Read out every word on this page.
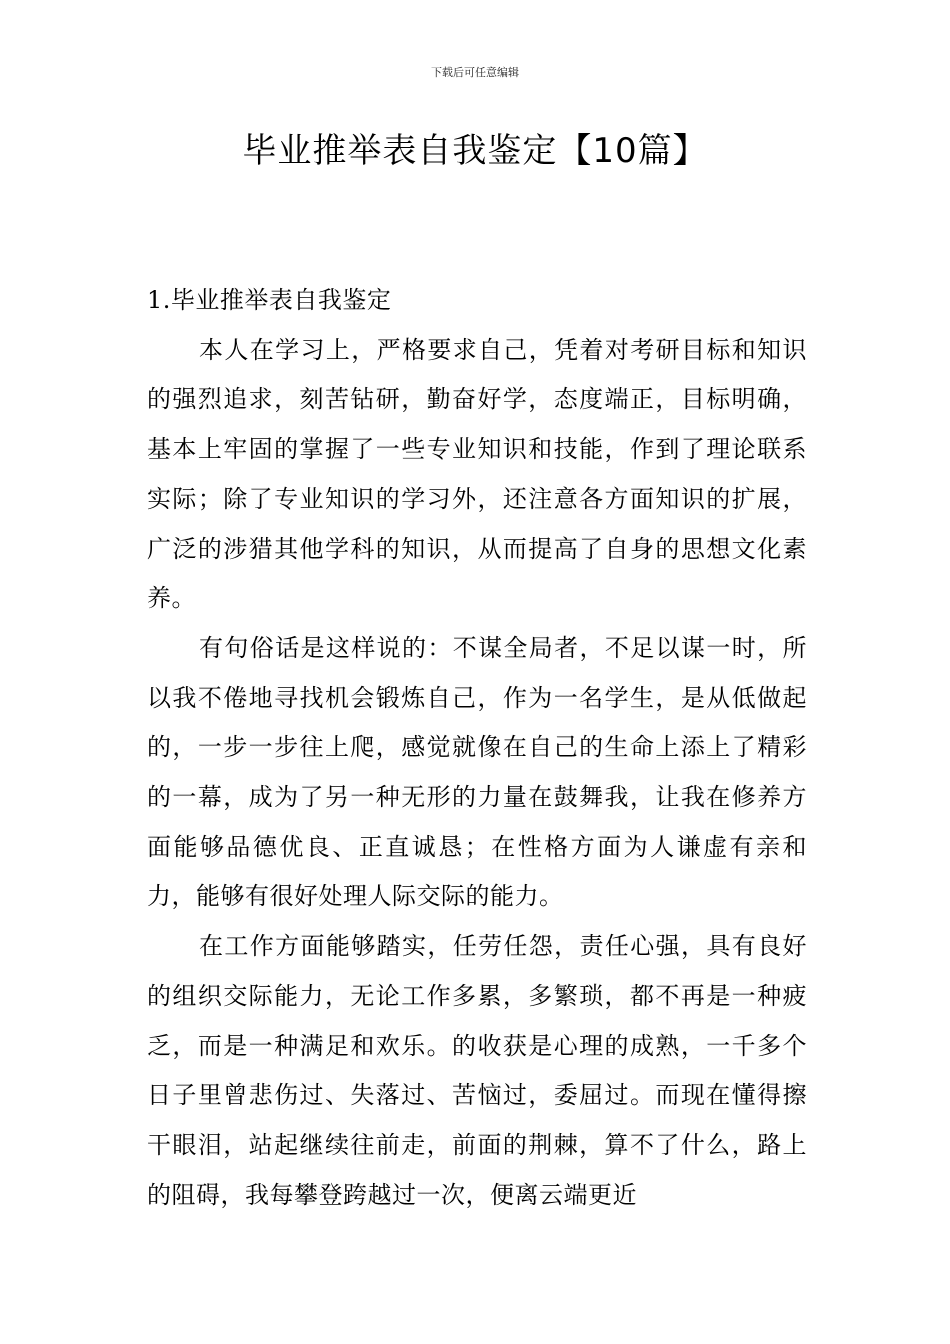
下载后可任意编辑
毕业推举表自我鉴定【10篇】

1.毕业推举表自我鉴定

本人在学习上，严格要求自己，凭着对考研目标和知识的强烈追求，刻苦钻研，勤奋好学，态度端正，目标明确，基本上牢固的掌握了一些专业知识和技能，作到了理论联系实际；除了专业知识的学习外，还注意各方面知识的扩展，广泛的涉猎其他学科的知识，从而提高了自身的思想文化素养。

有句俗话是这样说的：不谋全局者，不足以谋一时，所以我不倦地寻找机会锻炼自己，作为一名学生，是从低做起的，一步一步往上爬，感觉就像在自己的生命上添上了精彩的一幕，成为了另一种无形的力量在鼓舞我，让我在修养方面能够品德优良、正直诚恳；在性格方面为人谦虚有亲和力，能够有很好处理人际交际的能力。

在工作方面能够踏实，任劳任怨，责任心强，具有良好的组织交际能力，无论工作多累，多繁琐，都不再是一种疲乏，而是一种满足和欢乐。的收获是心理的成熟，一千多个日子里曾悲伤过、失落过、苦恼过，委屈过。而现在懂得擦干眼泪，站起继续往前走，前面的荆棘，算不了什么，路上的阻碍，我每攀登跨越过一次，便离云端更近
